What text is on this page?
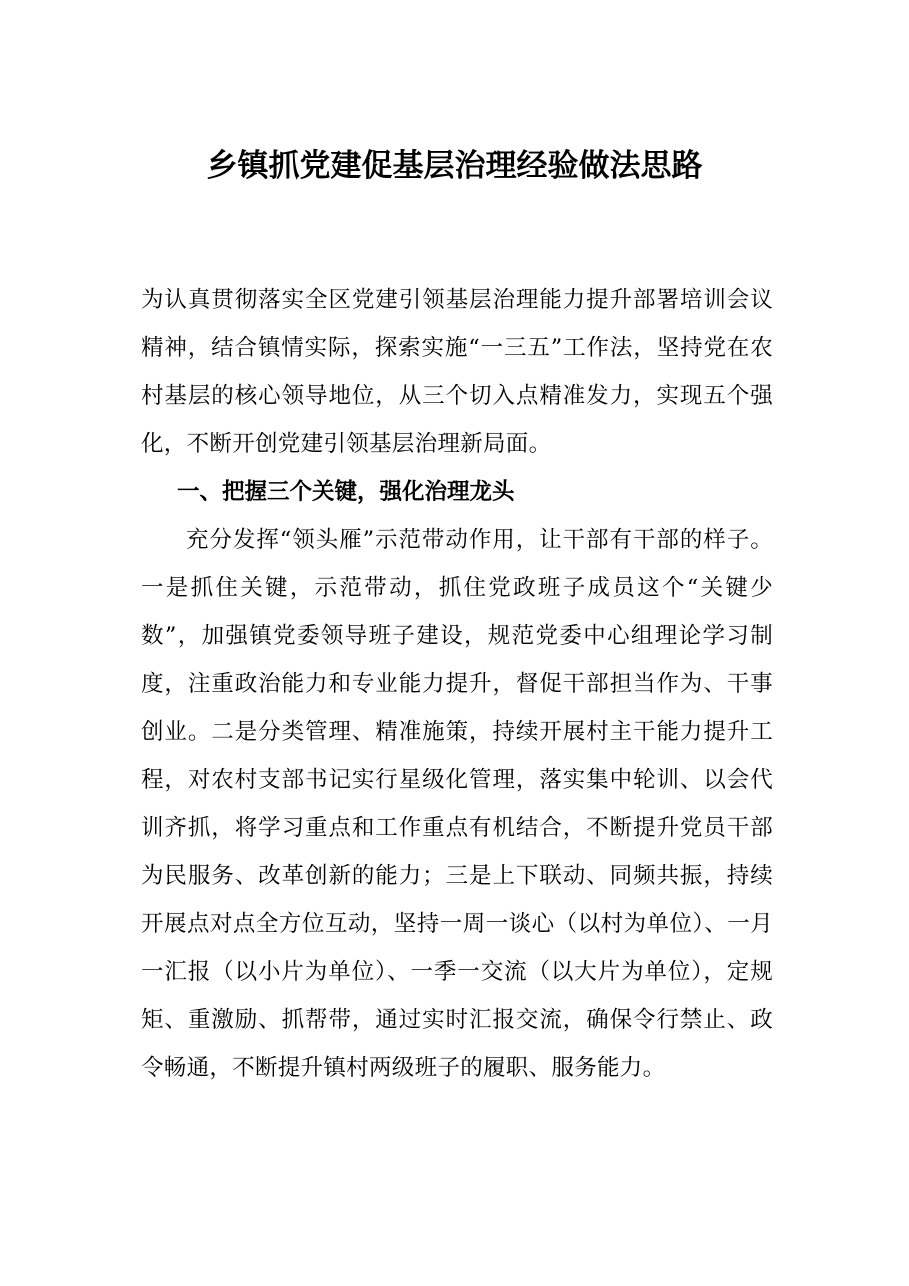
乡镇抓党建促基层治理经验做法思路

为认真贯彻落实全区党建引领基层治理能力提升部署培训会议精神，结合镇情实际，探索实施“一三五”工作法，坚持党在农村基层的核心领导地位，从三个切入点精准发力，实现五个强化，不断开创党建引领基层治理新局面。

一、把握三个关键，强化治理龙头

充分发挥“领头雁”示范带动作用，让干部有干部的样子。一是抓住关键，示范带动，抓住党政班子成员这个“关键少数”，加强镇党委领导班子建设，规范党委中心组理论学习制度，注重政治能力和专业能力提升，督促干部担当作为、干事创业。二是分类管理、精准施策，持续开展村主干能力提升工程，对农村支部书记实行星级化管理，落实集中轮训、以会代训齐抓，将学习重点和工作重点有机结合，不断提升党员干部为民服务、改革创新的能力；三是上下联动、同频共振，持续开展点对点全方位互动，坚持一周一谈心（以村为单位）、一月一汇报（以小片为单位）、一季一交流（以大片为单位），定规矩、重激励、抓帮带，通过实时汇报交流，确保令行禁止、政令畅通，不断提升镇村两级班子的履职、服务能力。
